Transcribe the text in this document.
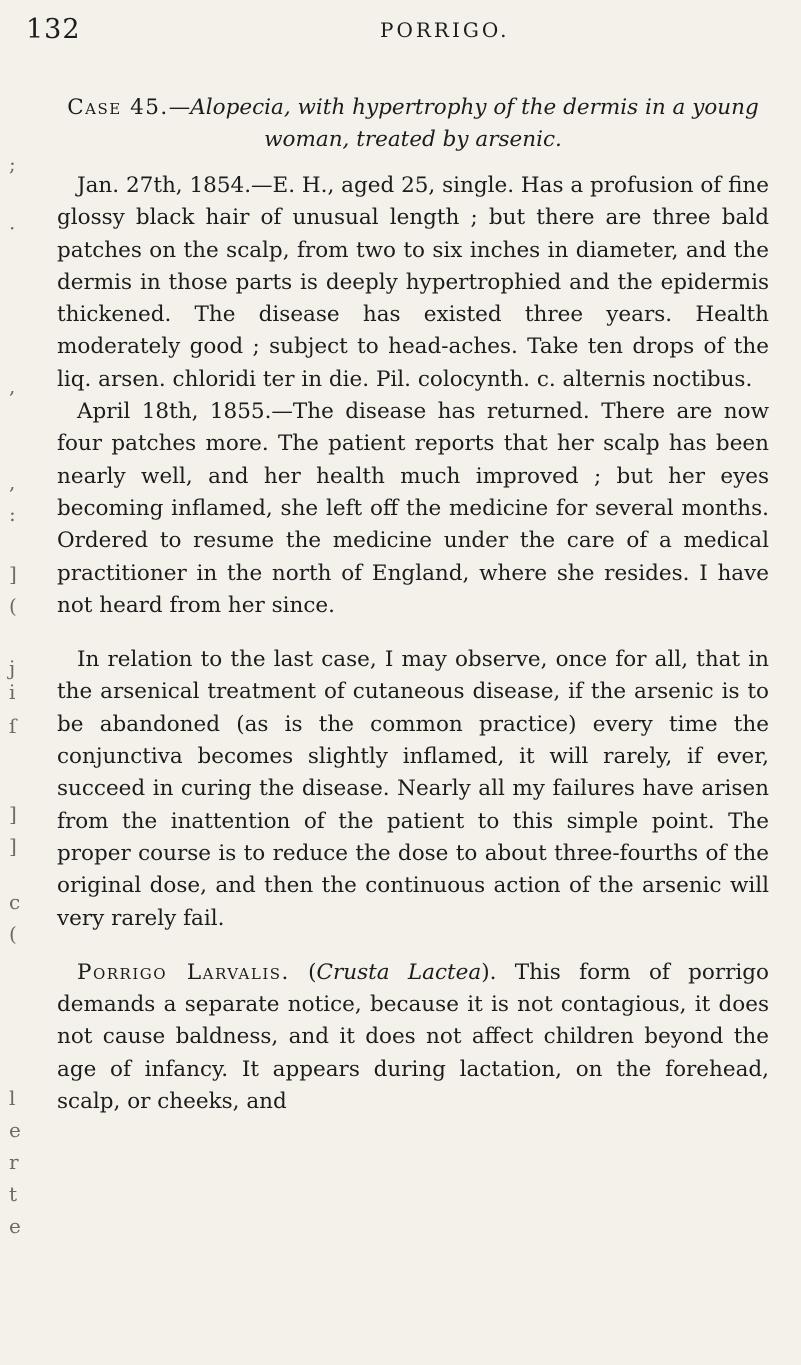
132	PORRIGO.
;
·
,
,
:
]
(
j
i
ſ
]
]
c
(
l
e
r
t
e

Case 45.—Alopecia, with hypertrophy of the dermis in a young woman, treated by arsenic.

Jan. 27th, 1854.—E. H., aged 25, single. Has a profusion of fine glossy black hair of unusual length ; but there are three bald patches on the scalp, from two to six inches in diameter, and the dermis in those parts is deeply hypertrophied and the epidermis thickened. The disease has existed three years. Health moderately good ; subject to head-aches. Take ten drops of the liq. arsen. chloridi ter in die. Pil. colocynth. c. alternis noctibus.

April 18th, 1855.—The disease has returned. There are now four patches more. The patient reports that her scalp has been nearly well, and her health much improved ; but her eyes becoming inflamed, she left off the medicine for several months. Ordered to resume the medicine under the care of a medical practitioner in the north of England, where she resides. I have not heard from her since.

In relation to the last case, I may observe, once for all, that in the arsenical treatment of cutaneous disease, if the arsenic is to be abandoned (as is the common practice) every time the conjunctiva becomes slightly inflamed, it will rarely, if ever, succeed in curing the disease. Nearly all my failures have arisen from the inattention of the patient to this simple point. The proper course is to reduce the dose to about three-fourths of the original dose, and then the continuous action of the arsenic will very rarely fail.

Porrigo Larvalis. (Crusta Lactea). This form of porrigo demands a separate notice, because it is not contagious, it does not cause baldness, and it does not affect children beyond the age of infancy. It appears during lactation, on the forehead, scalp, or cheeks, and
